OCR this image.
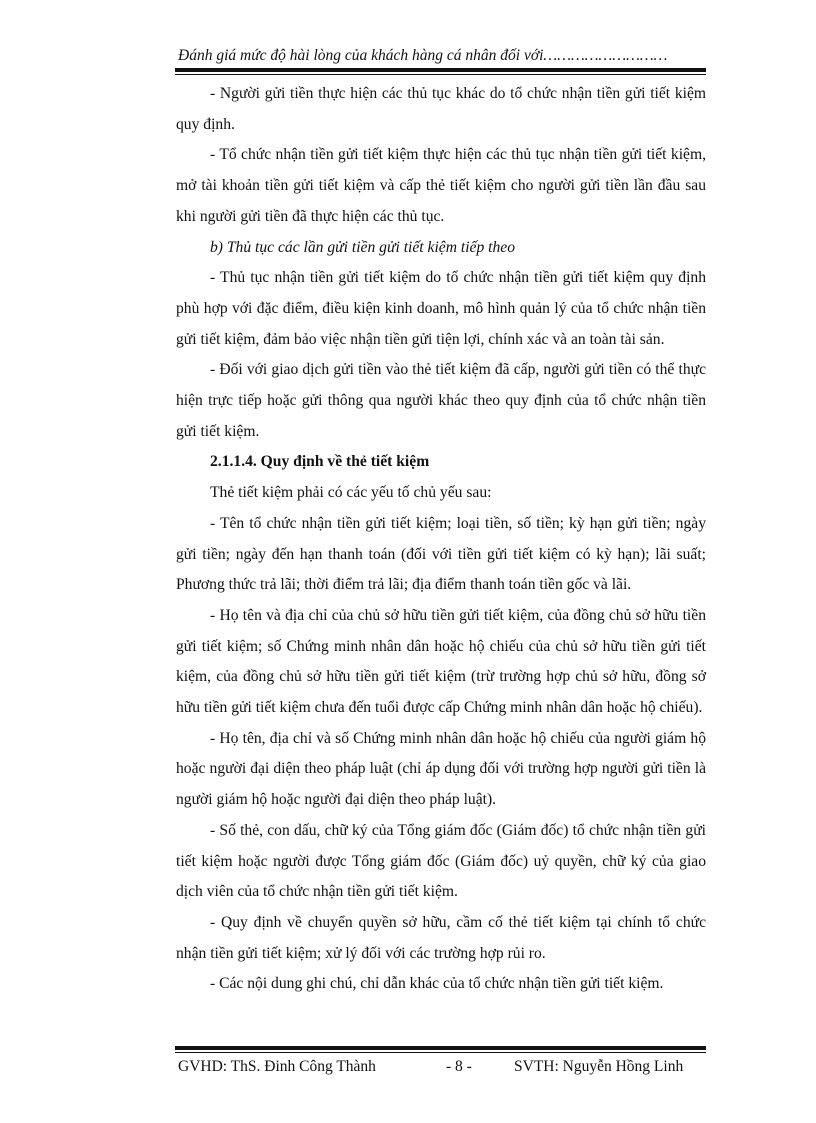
Đánh giá mức độ hài lòng của khách hàng cá nhân đối với………………………

- Người gửi tiền thực hiện các thủ tục khác do tổ chức nhận tiền gửi tiết kiệm quy định.

- Tổ chức nhận tiền gửi tiết kiệm thực hiện các thủ tục nhận tiền gửi tiết kiệm, mở tài khoản tiền gửi tiết kiệm và cấp thẻ tiết kiệm cho người gửi tiền lần đầu sau khi người gửi tiền đã thực hiện các thủ tục.

b) Thủ tục các lần gửi tiền gửi tiết kiệm tiếp theo

- Thủ tục nhận tiền gửi tiết kiệm do tổ chức nhận tiền gửi tiết kiệm quy định phù hợp với đặc điểm, điều kiện kinh doanh, mô hình quản lý của tổ chức nhận tiền gửi tiết kiệm, đảm bảo việc nhận tiền gửi tiện lợi, chính xác và an toàn tài sản.

- Đối với giao dịch gửi tiền vào thẻ tiết kiệm đã cấp, người gửi tiền có thể thực hiện trực tiếp hoặc gửi thông qua người khác theo quy định của tổ chức nhận tiền gửi tiết kiệm.

2.1.1.4. Quy định về thẻ tiết kiệm

Thẻ tiết kiệm phải có các yếu tố chủ yếu sau:

- Tên tổ chức nhận tiền gửi tiết kiệm; loại tiền, số tiền; kỳ hạn gửi tiền; ngày gửi tiền; ngày đến hạn thanh toán (đối với tiền gửi tiết kiệm có kỳ hạn); lãi suất; Phương thức trả lãi; thời điểm trả lãi; địa điểm thanh toán tiền gốc và lãi.

- Họ tên và địa chỉ của chủ sở hữu tiền gửi tiết kiệm, của đồng chủ sở hữu tiền gửi tiết kiệm; số Chứng minh nhân dân hoặc hộ chiếu của chủ sở hữu tiền gửi tiết kiệm, của đồng chủ sở hữu tiền gửi tiết kiệm (trừ trường hợp chủ sở hữu, đồng sở hữu tiền gửi tiết kiệm chưa đến tuổi được cấp Chứng minh nhân dân hoặc hộ chiếu).

- Họ tên, địa chỉ và số Chứng minh nhân dân hoặc hộ chiếu của người giám hộ hoặc người đại diện theo pháp luật (chỉ áp dụng đối với trường hợp người gửi tiền là người giám hộ hoặc người đại diện theo pháp luật).

- Số thẻ, con dấu, chữ ký của Tổng giám đốc (Giám đốc) tổ chức nhận tiền gửi tiết kiệm hoặc người được Tổng giám đốc (Giám đốc) uỷ quyền, chữ ký của giao dịch viên của tổ chức nhận tiền gửi tiết kiệm.

- Quy định về chuyển quyền sở hữu, cầm cố thẻ tiết kiệm tại chính tổ chức nhận tiền gửi tiết kiệm; xử lý đối với các trường hợp rủi ro.

- Các nội dung ghi chú, chỉ dẫn khác của tổ chức nhận tiền gửi tiết kiệm.

GVHD: ThS. Đinh Công Thành	- 8 -	SVTH: Nguyễn Hồng Linh
